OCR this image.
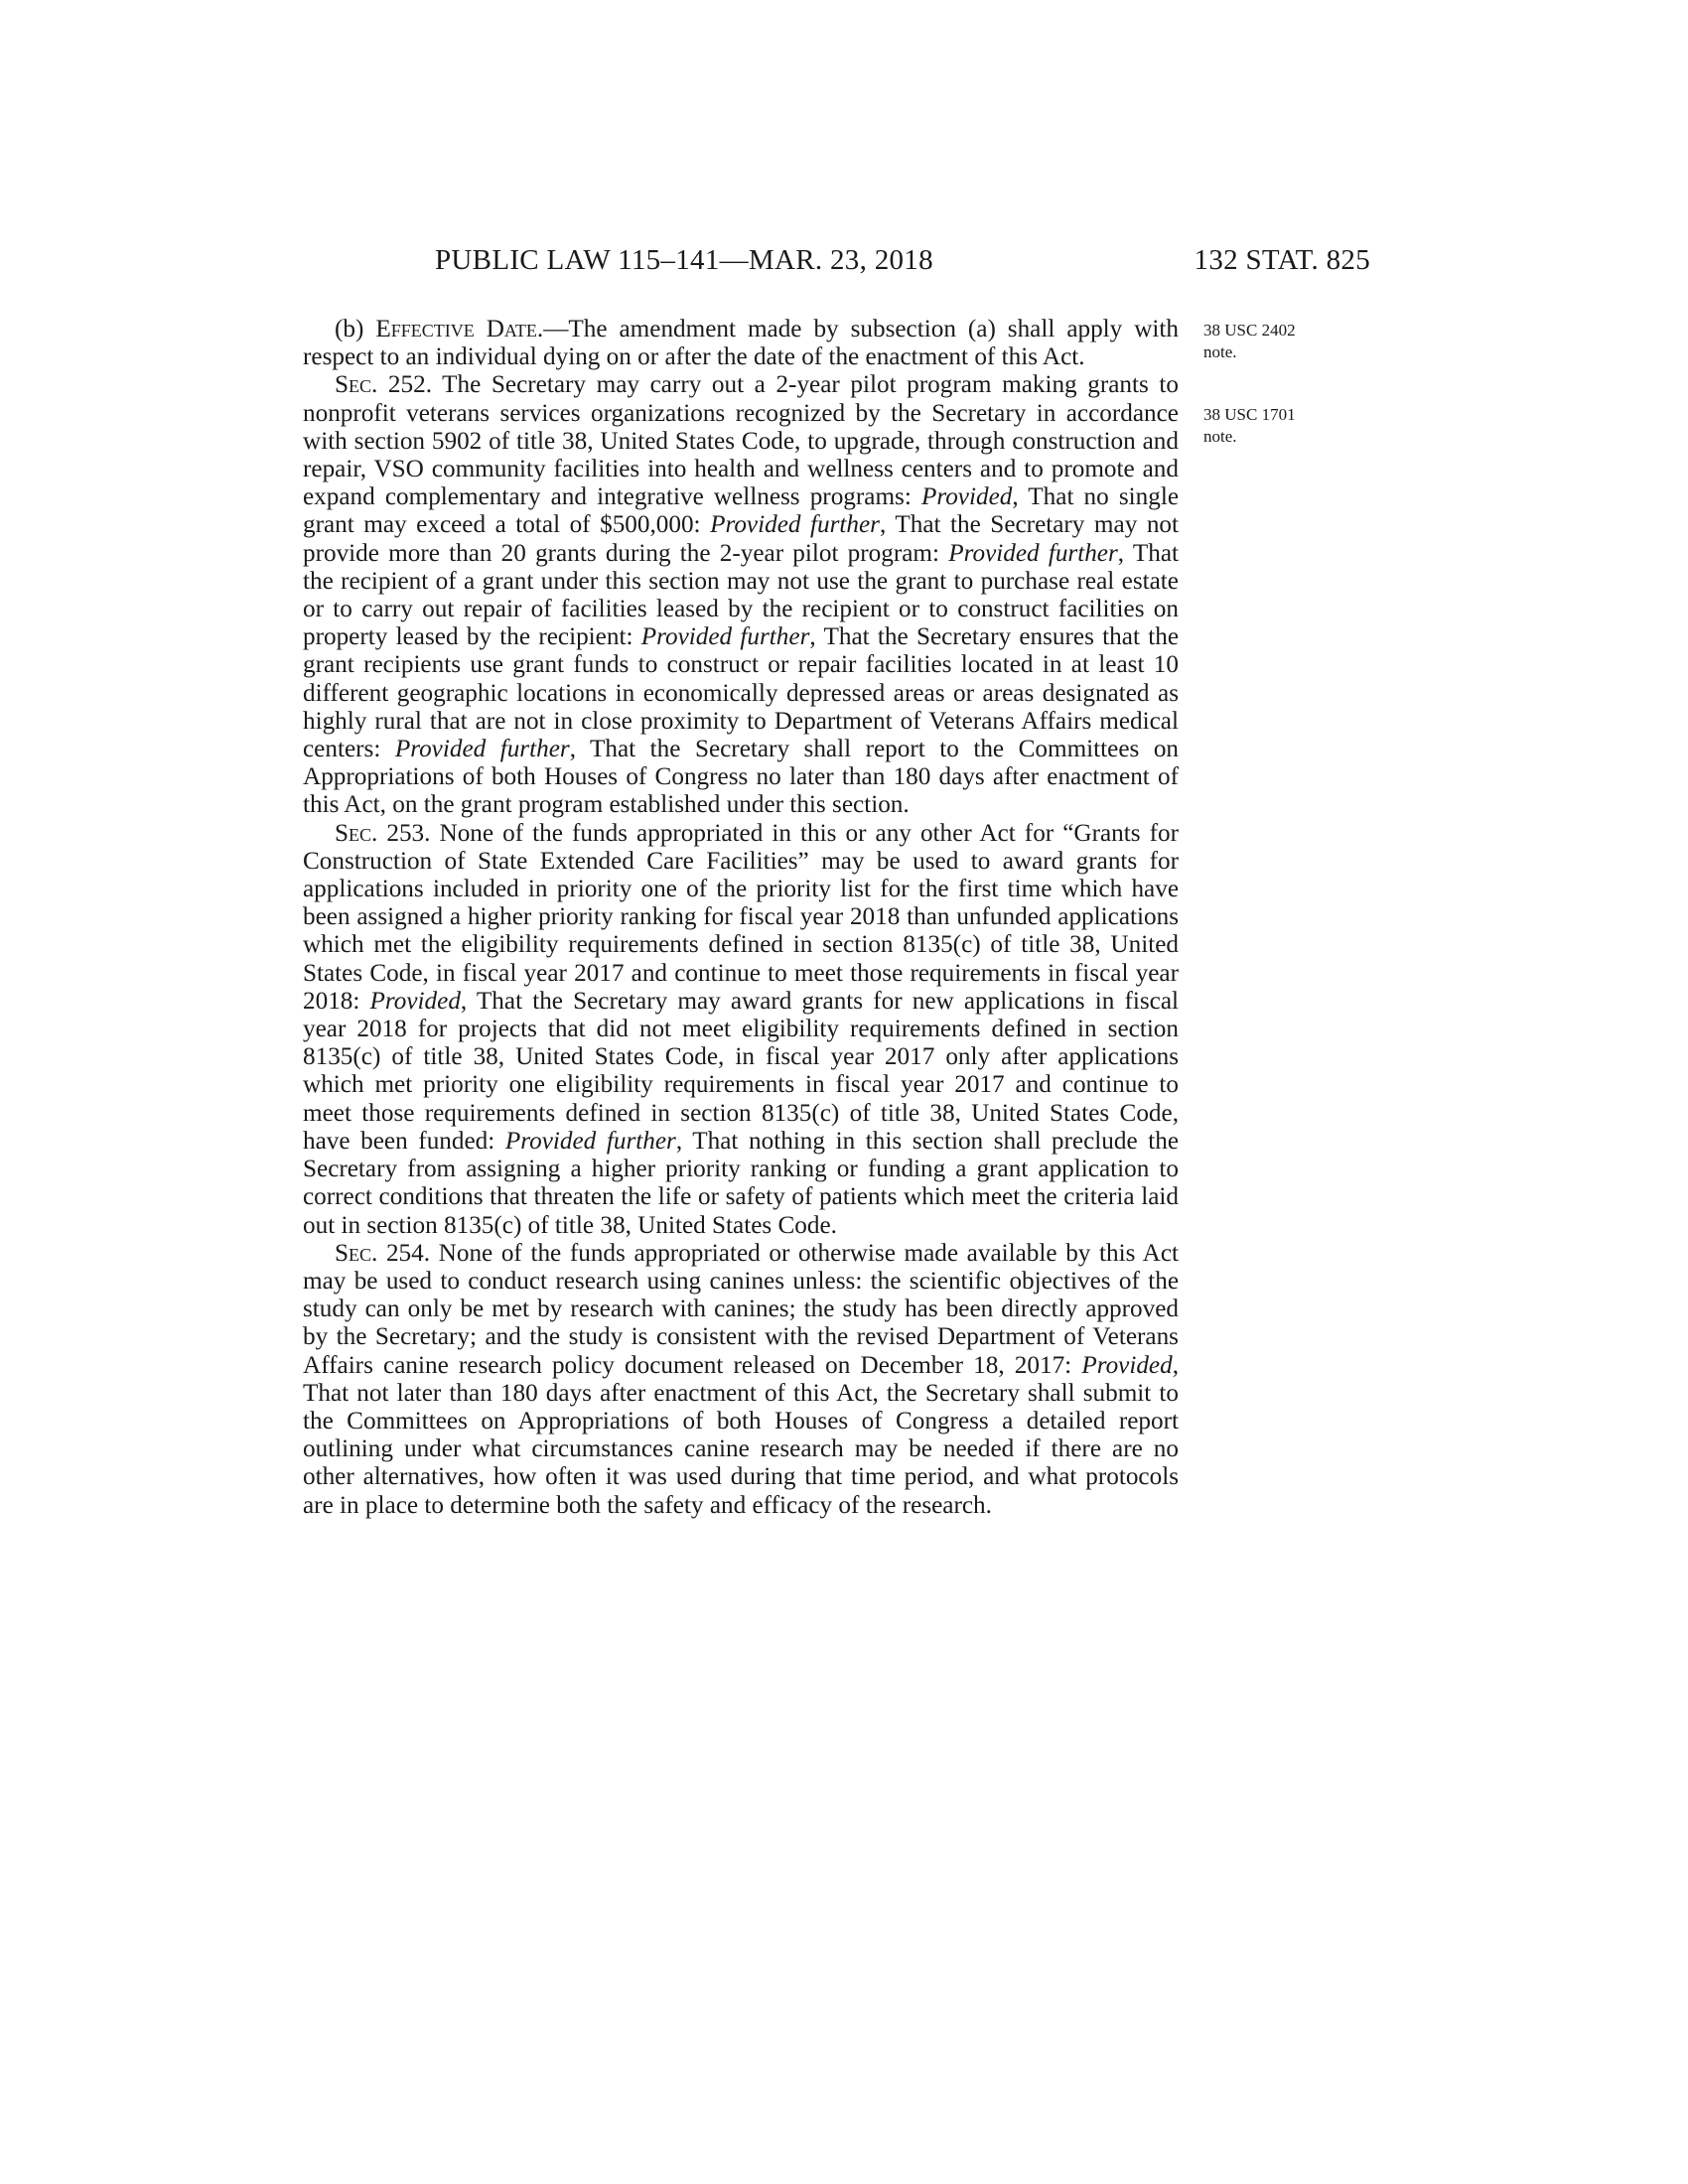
PUBLIC LAW 115–141—MAR. 23, 2018	132 STAT. 825
38 USC 2402
note.
38 USC 1701
note.

(b) Effective Date.—The amendment made by subsection (a) shall apply with respect to an individual dying on or after the date of the enactment of this Act.

Sec. 252. The Secretary may carry out a 2-year pilot program making grants to nonprofit veterans services organizations recognized by the Secretary in accordance with section 5902 of title 38, United States Code, to upgrade, through construction and repair, VSO community facilities into health and wellness centers and to promote and expand complementary and integrative wellness programs: Provided, That no single grant may exceed a total of $500,000: Provided further, That the Secretary may not provide more than 20 grants during the 2-year pilot program: Provided further, That the recipient of a grant under this section may not use the grant to purchase real estate or to carry out repair of facilities leased by the recipient or to construct facilities on property leased by the recipient: Provided further, That the Secretary ensures that the grant recipients use grant funds to construct or repair facilities located in at least 10 different geographic locations in economically depressed areas or areas designated as highly rural that are not in close proximity to Department of Veterans Affairs medical centers: Provided further, That the Secretary shall report to the Committees on Appropriations of both Houses of Congress no later than 180 days after enactment of this Act, on the grant program established under this section.

Sec. 253. None of the funds appropriated in this or any other Act for “Grants for Construction of State Extended Care Facilities” may be used to award grants for applications included in priority one of the priority list for the first time which have been assigned a higher priority ranking for fiscal year 2018 than unfunded applications which met the eligibility requirements defined in section 8135(c) of title 38, United States Code, in fiscal year 2017 and continue to meet those requirements in fiscal year 2018: Provided, That the Secretary may award grants for new applications in fiscal year 2018 for projects that did not meet eligibility requirements defined in section 8135(c) of title 38, United States Code, in fiscal year 2017 only after applications which met priority one eligibility requirements in fiscal year 2017 and continue to meet those requirements defined in section 8135(c) of title 38, United States Code, have been funded: Provided further, That nothing in this section shall preclude the Secretary from assigning a higher priority ranking or funding a grant application to correct conditions that threaten the life or safety of patients which meet the criteria laid out in section 8135(c) of title 38, United States Code.

Sec. 254. None of the funds appropriated or otherwise made available by this Act may be used to conduct research using canines unless: the scientific objectives of the study can only be met by research with canines; the study has been directly approved by the Secretary; and the study is consistent with the revised Department of Veterans Affairs canine research policy document released on December 18, 2017: Provided, That not later than 180 days after enactment of this Act, the Secretary shall submit to the Committees on Appropriations of both Houses of Congress a detailed report outlining under what circumstances canine research may be needed if there are no other alternatives, how often it was used during that time period, and what protocols are in place to determine both the safety and efficacy of the research.
